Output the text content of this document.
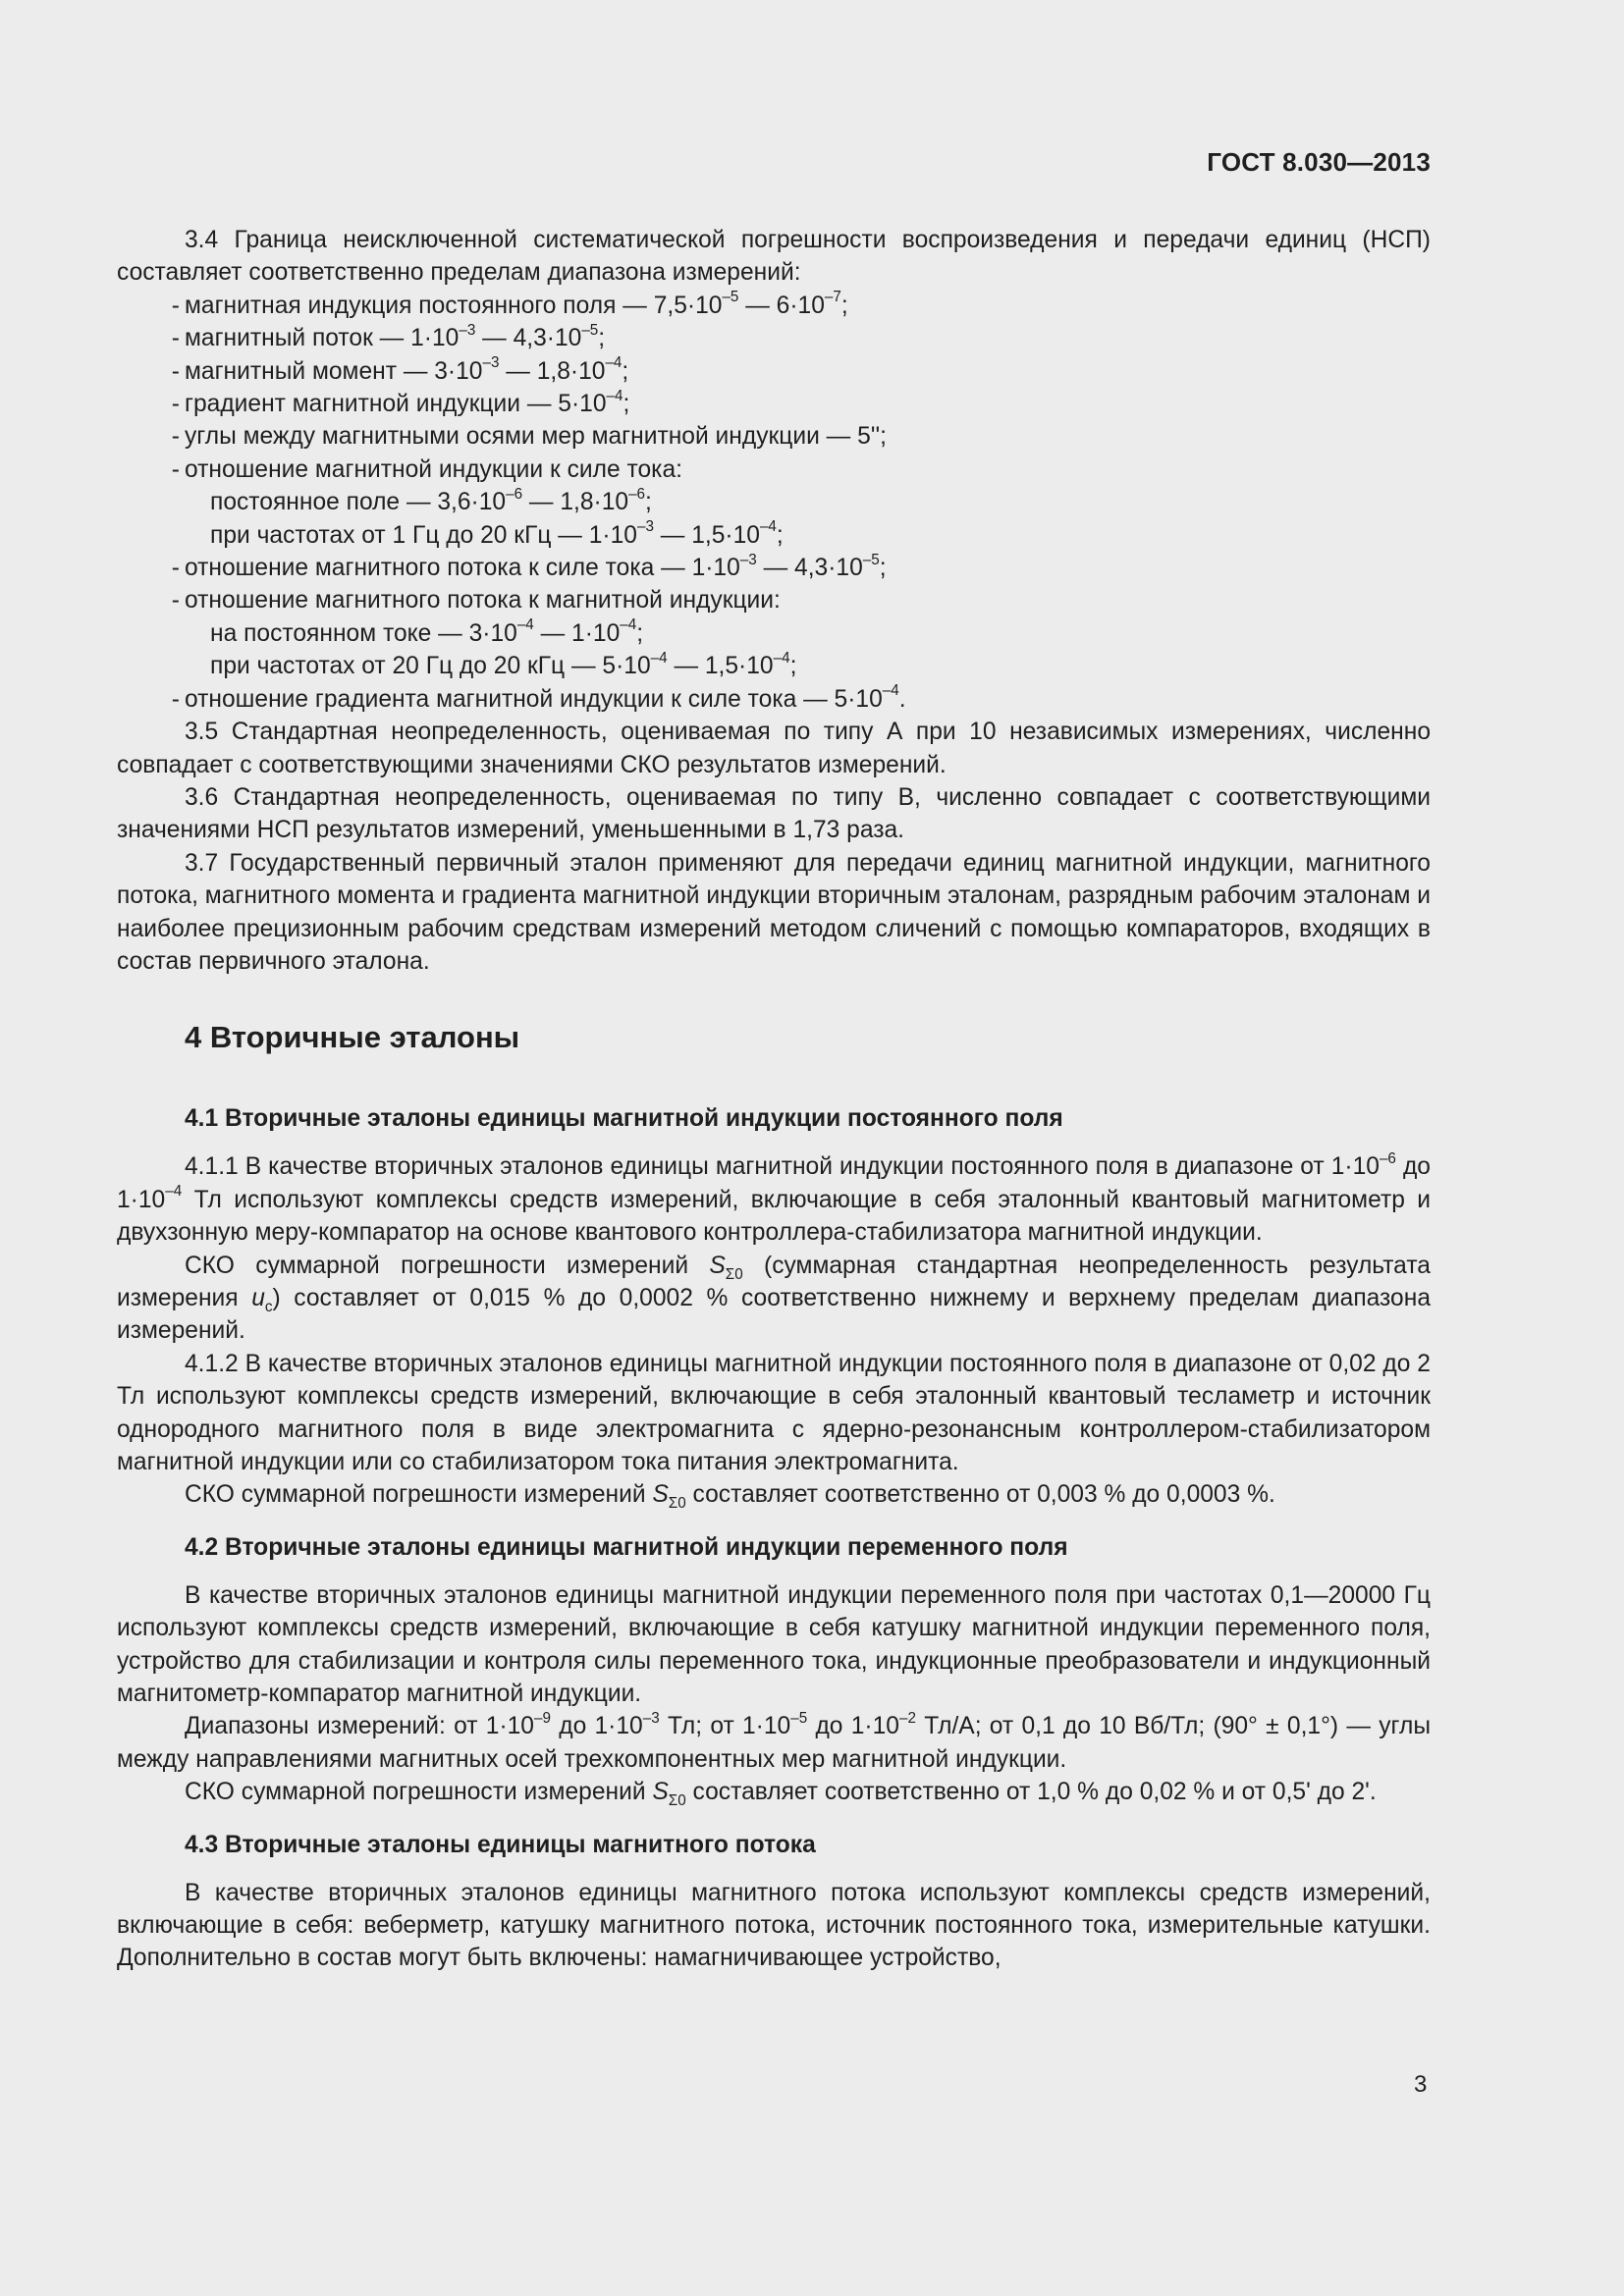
ГОСТ 8.030—2013

3.4 Граница неисключенной систематической погрешности воспроизведения и передачи единиц (НСП) составляет соответственно пределам диапазона измерений:

- магнитная индукция постоянного поля — $7,5\cdot 10^{-5}$ — $6\cdot 10^{-7}$;
- магнитный поток — $1\cdot 10^{-3}$ — $4,3\cdot 10^{-5}$;
- магнитный момент — $3\cdot 10^{-3}$ — $1,8\cdot 10^{-4}$;
- градиент магнитной индукции — $5\cdot 10^{-4}$;
- углы между магнитными осями мер магнитной индукции — 5'';
- отношение магнитной индукции к силе тока:
постоянное поле — $3,6\cdot 10^{-6}$ — $1,8\cdot 10^{-6}$;
при частотах от 1 Гц до 20 кГц — $1\cdot 10^{-3}$ — $1,5\cdot 10^{-4}$;
- отношение магнитного потока к силе тока — $1\cdot 10^{-3}$ — $4,3\cdot 10^{-5}$;
- отношение магнитного потока к магнитной индукции:
на постоянном токе — $3\cdot 10^{-4}$ — $1\cdot 10^{-4}$;
при частотах от 20 Гц до 20 кГц — $5\cdot 10^{-4}$ — $1,5\cdot 10^{-4}$;
- отношение градиента магнитной индукции к силе тока — $5\cdot 10^{-4}$.

3.5 Стандартная неопределенность, оцениваемая по типу А при 10 независимых измерениях, численно совпадает с соответствующими значениями СКО результатов измерений.

3.6 Стандартная неопределенность, оцениваемая по типу В, численно совпадает с соответствующими значениями НСП результатов измерений, уменьшенными в 1,73 раза.

3.7 Государственный первичный эталон применяют для передачи единиц магнитной индукции, магнитного потока, магнитного момента и градиента магнитной индукции вторичным эталонам, разрядным рабочим эталонам и наиболее прецизионным рабочим средствам измерений методом сличений с помощью компараторов, входящих в состав первичного эталона.

4 Вторичные эталоны
4.1 Вторичные эталоны единицы магнитной индукции постоянного поля

4.1.1 В качестве вторичных эталонов единицы магнитной индукции постоянного поля в диапазоне от $1\cdot 10^{-6}$ до $1\cdot 10^{-4}$ Тл используют комплексы средств измерений, включающие в себя эталонный квантовый магнитометр и двухзонную меру-компаратор на основе квантового контроллера-стабилизатора магнитной индукции.

СКО суммарной погрешности измерений $S_{\Sigma 0}$ (суммарная стандартная неопределенность результата измерения $u_c$) составляет от 0,015 % до 0,0002 % соответственно нижнему и верхнему пределам диапазона измерений.

4.1.2 В качестве вторичных эталонов единицы магнитной индукции постоянного поля в диапазоне от 0,02 до 2 Тл используют комплексы средств измерений, включающие в себя эталонный квантовый тесламетр и источник однородного магнитного поля в виде электромагнита с ядерно-резонансным контроллером-стабилизатором магнитной индукции или со стабилизатором тока питания электромагнита.

СКО суммарной погрешности измерений $S_{\Sigma 0}$ составляет соответственно от 0,003 % до 0,0003 %.

4.2 Вторичные эталоны единицы магнитной индукции переменного поля

В качестве вторичных эталонов единицы магнитной индукции переменного поля при частотах 0,1—20000 Гц используют комплексы средств измерений, включающие в себя катушку магнитной индукции переменного поля, устройство для стабилизации и контроля силы переменного тока, индукционные преобразователи и индукционный магнитометр-компаратор магнитной индукции.

Диапазоны измерений: от $1\cdot 10^{-9}$ до $1\cdot 10^{-3}$ Тл; от $1\cdot 10^{-5}$ до $1\cdot 10^{-2}$ Тл/А; от 0,1 до 10 Вб/Тл; (90° ± 0,1°) — углы между направлениями магнитных осей трехкомпонентных мер магнитной индукции.

СКО суммарной погрешности измерений $S_{\Sigma 0}$ составляет соответственно от 1,0 % до 0,02 % и от 0,5' до 2'.

4.3 Вторичные эталоны единицы магнитного потока

В качестве вторичных эталонов единицы магнитного потока используют комплексы средств измерений, включающие в себя: веберметр, катушку магнитного потока, источник постоянного тока, измерительные катушки. Дополнительно в состав могут быть включены: намагничивающее устройство,

3
